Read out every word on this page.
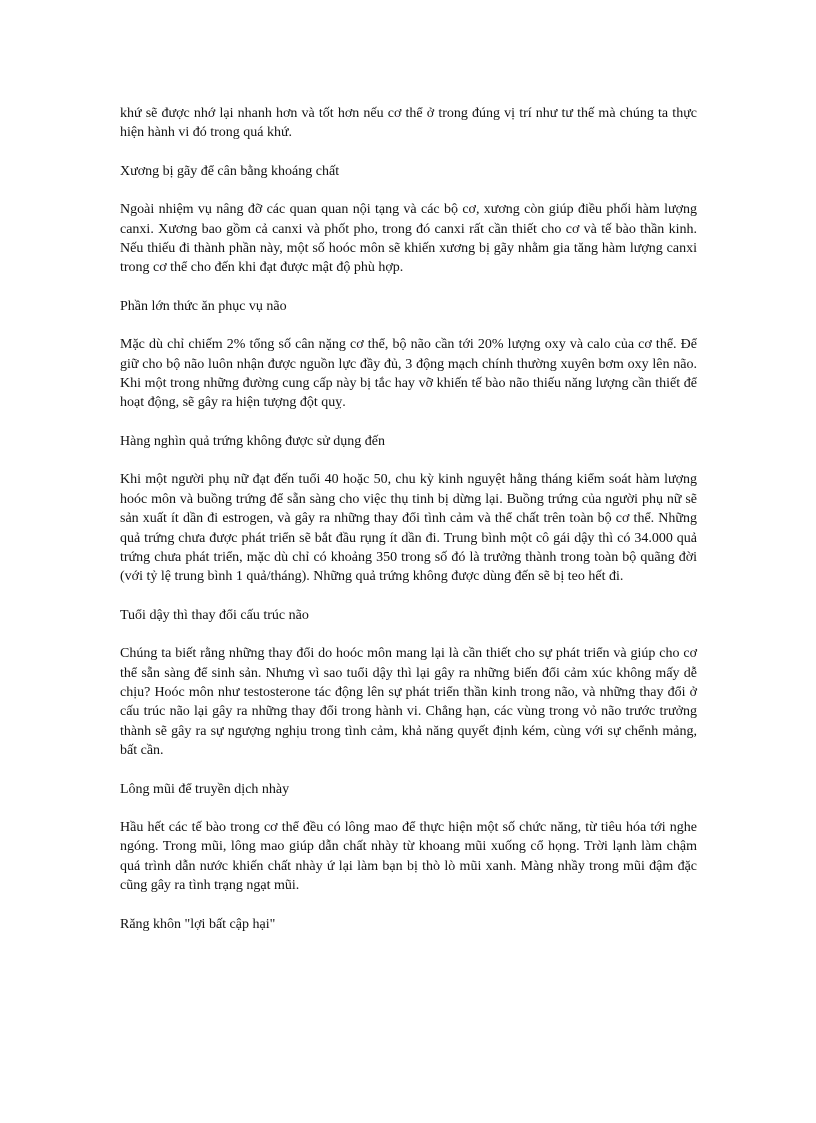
khứ sẽ được nhớ lại nhanh hơn và tốt hơn nếu cơ thể ở trong đúng vị trí như tư thế mà chúng ta thực hiện hành vi đó trong quá khứ.

Xương bị gãy để cân bằng khoáng chất

Ngoài nhiệm vụ nâng đỡ các quan quan nội tạng và các bộ cơ, xương còn giúp điều phối hàm lượng canxi. Xương bao gồm cả canxi và phốt pho, trong đó canxi rất cần thiết cho cơ và tế bào thần kinh. Nếu thiếu đi thành phần này, một số hoóc môn sẽ khiến xương bị gãy nhằm gia tăng hàm lượng canxi trong cơ thể cho đến khi đạt được mật độ phù hợp.

Phần lớn thức ăn phục vụ não

Mặc dù chỉ chiếm 2% tổng số cân nặng cơ thể, bộ não cần tới 20% lượng oxy và calo của cơ thể. Để giữ cho bộ não luôn nhận được nguồn lực đầy đủ, 3 động mạch chính thường xuyên bơm oxy lên não. Khi một trong những đường cung cấp này bị tắc hay vỡ khiến tế bào não thiếu năng lượng cần thiết để hoạt động, sẽ gây ra hiện tượng đột quỵ.

Hàng nghìn quả trứng không được sử dụng đến

Khi một người phụ nữ đạt đến tuổi 40 hoặc 50, chu kỳ kinh nguyệt hằng tháng kiểm soát hàm lượng hoóc môn và buồng trứng để sẵn sàng cho việc thụ tinh bị dừng lại. Buồng trứng của người phụ nữ sẽ sản xuất ít dần đi estrogen, và gây ra những thay đổi tình cảm và thể chất trên toàn bộ cơ thể. Những quả trứng chưa được phát triển sẽ bắt đầu rụng ít dần đi. Trung bình một cô gái dậy thì có 34.000 quả trứng chưa phát triển, mặc dù chỉ có khoảng 350 trong số đó là trưởng thành trong toàn bộ quãng đời (với tỷ lệ trung bình 1 quả/tháng). Những quả trứng không được dùng đến sẽ bị teo hết đi.

Tuổi dậy thì thay đổi cấu trúc não

Chúng ta biết rằng những thay đổi do hoóc môn mang lại là cần thiết cho sự phát triển và giúp cho cơ thể sẵn sàng để sinh sản. Nhưng vì sao tuổi dậy thì lại gây ra những biến đổi cảm xúc không mấy dễ chịu? Hoóc môn như testosterone tác động lên sự phát triển thần kinh trong não, và những thay đổi ở cấu trúc não lại gây ra những thay đổi trong hành vi. Chẳng hạn, các vùng trong vỏ não trước trưởng thành sẽ gây ra sự ngượng nghịu trong tình cảm, khả năng quyết định kém, cùng với sự chểnh mảng, bất cần.

Lông mũi để truyền dịch nhày

Hầu hết các tế bào trong cơ thể đều có lông mao để thực hiện một số chức năng, từ tiêu hóa tới nghe ngóng. Trong mũi, lông mao giúp dẫn chất nhày từ khoang mũi xuống cổ họng. Trời lạnh làm chậm quá trình dẫn nước khiến chất nhày ứ lại làm bạn bị thò lò mũi xanh. Màng nhầy trong mũi đậm đặc cũng gây ra tình trạng ngạt mũi.

Răng khôn "lợi bất cập hại"
